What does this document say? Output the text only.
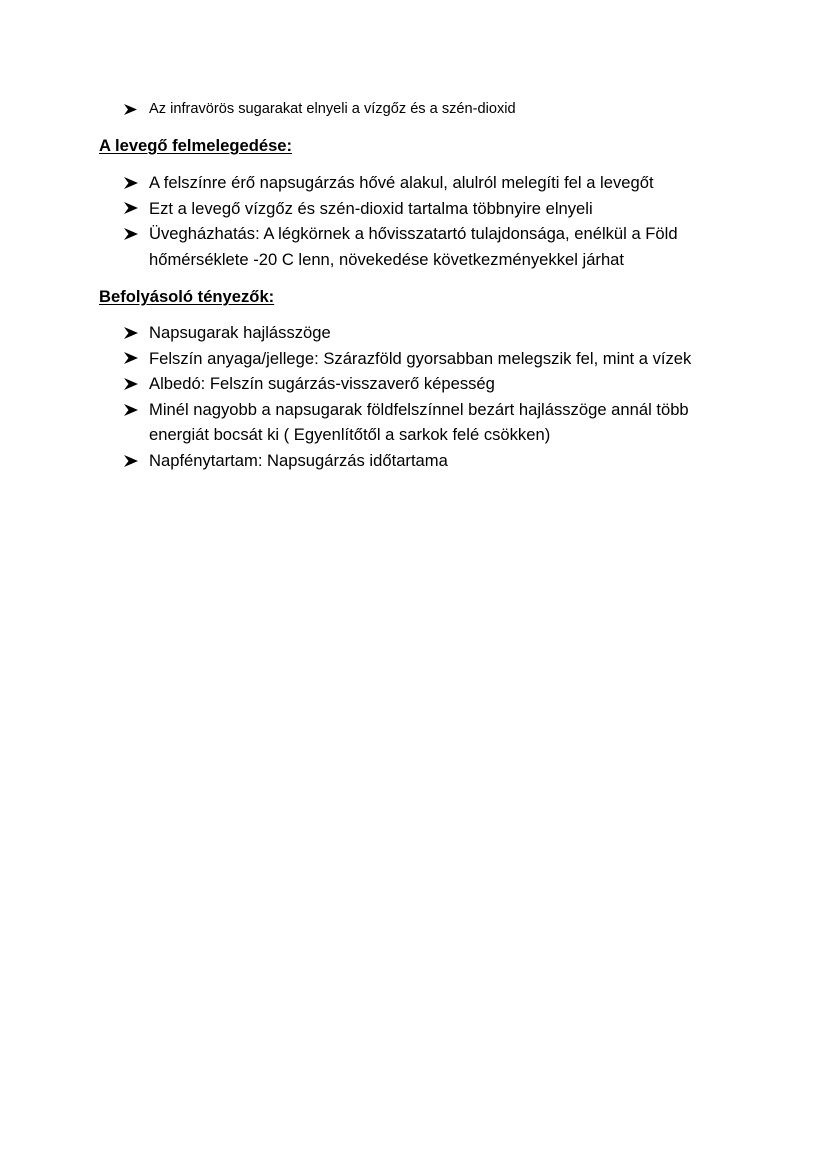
Az infravörös sugarakat elnyeli a vízgőz és a szén-dioxid
A levegő felmelegedése:
A felszínre érő napsugárzás hővé alakul, alulról melegíti fel a levegőt
Ezt a levegő vízgőz és szén-dioxid tartalma többnyire elnyeli
Üvegházhatás: A légkörnek a hővisszatartó tulajdonsága, enélkül a Föld
hőmérséklete -20 C lenn, növekedése következményekkel járhat
Befolyásoló tényezők:
Napsugarak hajlásszöge
Felszín anyaga/jellege: Szárazföld gyorsabban melegszik fel, mint a vízek
Albedó: Felszín sugárzás-visszaverő képesség
Minél nagyobb a napsugarak földfelszínnel bezárt hajlásszöge annál több
energiát bocsát ki ( Egyenlítőtől a sarkok felé csökken)
Napfénytartam: Napsugárzás időtartama
